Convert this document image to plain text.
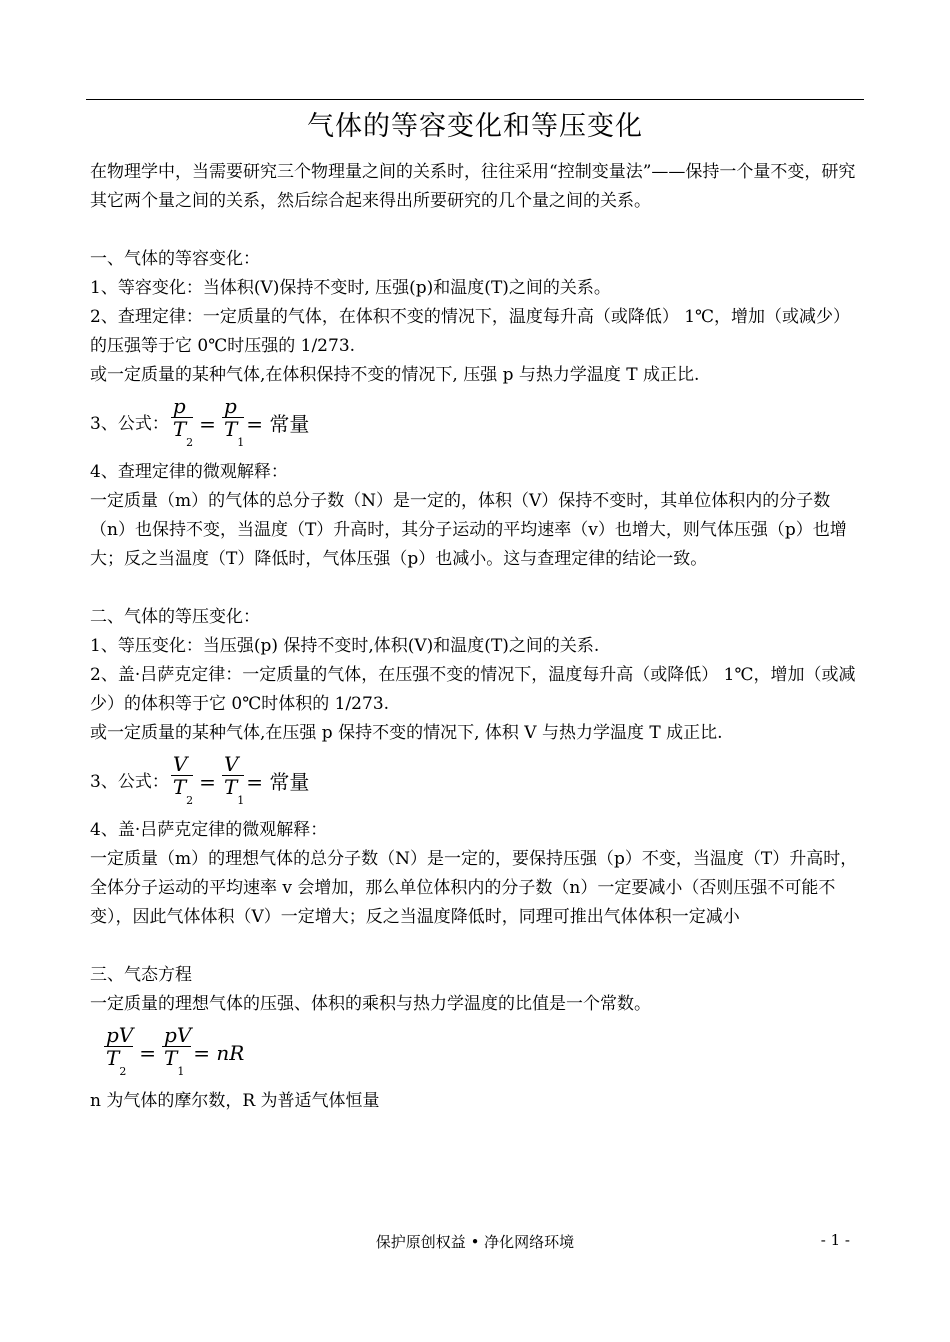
气体的等容变化和等压变化

在物理学中，当需要研究三个物理量之间的关系时，往往采用“控制变量法”——保持一个量不变，研究其它两个量之间的关系，然后综合起来得出所要研究的几个量之间的关系。

一、气体的等容变化：

1、等容变化：当体积(V)保持不变时, 压强(p)和温度(T)之间的关系。

2、查理定律：一定质量的气体，在体积不变的情况下，温度每升高（或降低） 1℃，增加（或减少）的压强等于它 0℃时压强的 1/273.

或一定质量的某种气体,在体积保持不变的情况下, 压强 p 与热力学温度 T 成正比.

3、公式： $\frac{p}{T_2} = \frac{p}{T_1}$ = 常量

4、查理定律的微观解释：

一定质量（m）的气体的总分子数（N）是一定的，体积（V）保持不变时，其单位体积内的分子数（n）也保持不变，当温度（T）升高时，其分子运动的平均速率（v）也增大，则气体压强（p）也增大；反之当温度（T）降低时，气体压强（p）也减小。这与查理定律的结论一致。

二、气体的等压变化：

1、等压变化：当压强(p) 保持不变时,体积(V)和温度(T)之间的关系.

2、盖·吕萨克定律：一定质量的气体，在压强不变的情况下，温度每升高（或降低） 1℃，增加（或减少）的体积等于它 0℃时体积的 1/273.

或一定质量的某种气体,在压强 p 保持不变的情况下, 体积 V 与热力学温度 T 成正比.

3、公式： $\frac{V}{T_2} = \frac{V}{T_1}$ = 常量

4、盖·吕萨克定律的微观解释：

一定质量（m）的理想气体的总分子数（N）是一定的，要保持压强（p）不变，当温度（T）升高时，全体分子运动的平均速率 v 会增加，那么单位体积内的分子数（n）一定要减小（否则压强不可能不变），因此气体体积（V）一定增大；反之当温度降低时，同理可推出气体体积一定减小

三、气态方程

一定质量的理想气体的压强、体积的乘积与热力学温度的比值是一个常数。

$\frac{pV}{T_2} = \frac{pV}{T_1}$ = nR

n 为气体的摩尔数，R 为普适气体恒量

保护原创权益 • 净化网络环境	- 1 -
